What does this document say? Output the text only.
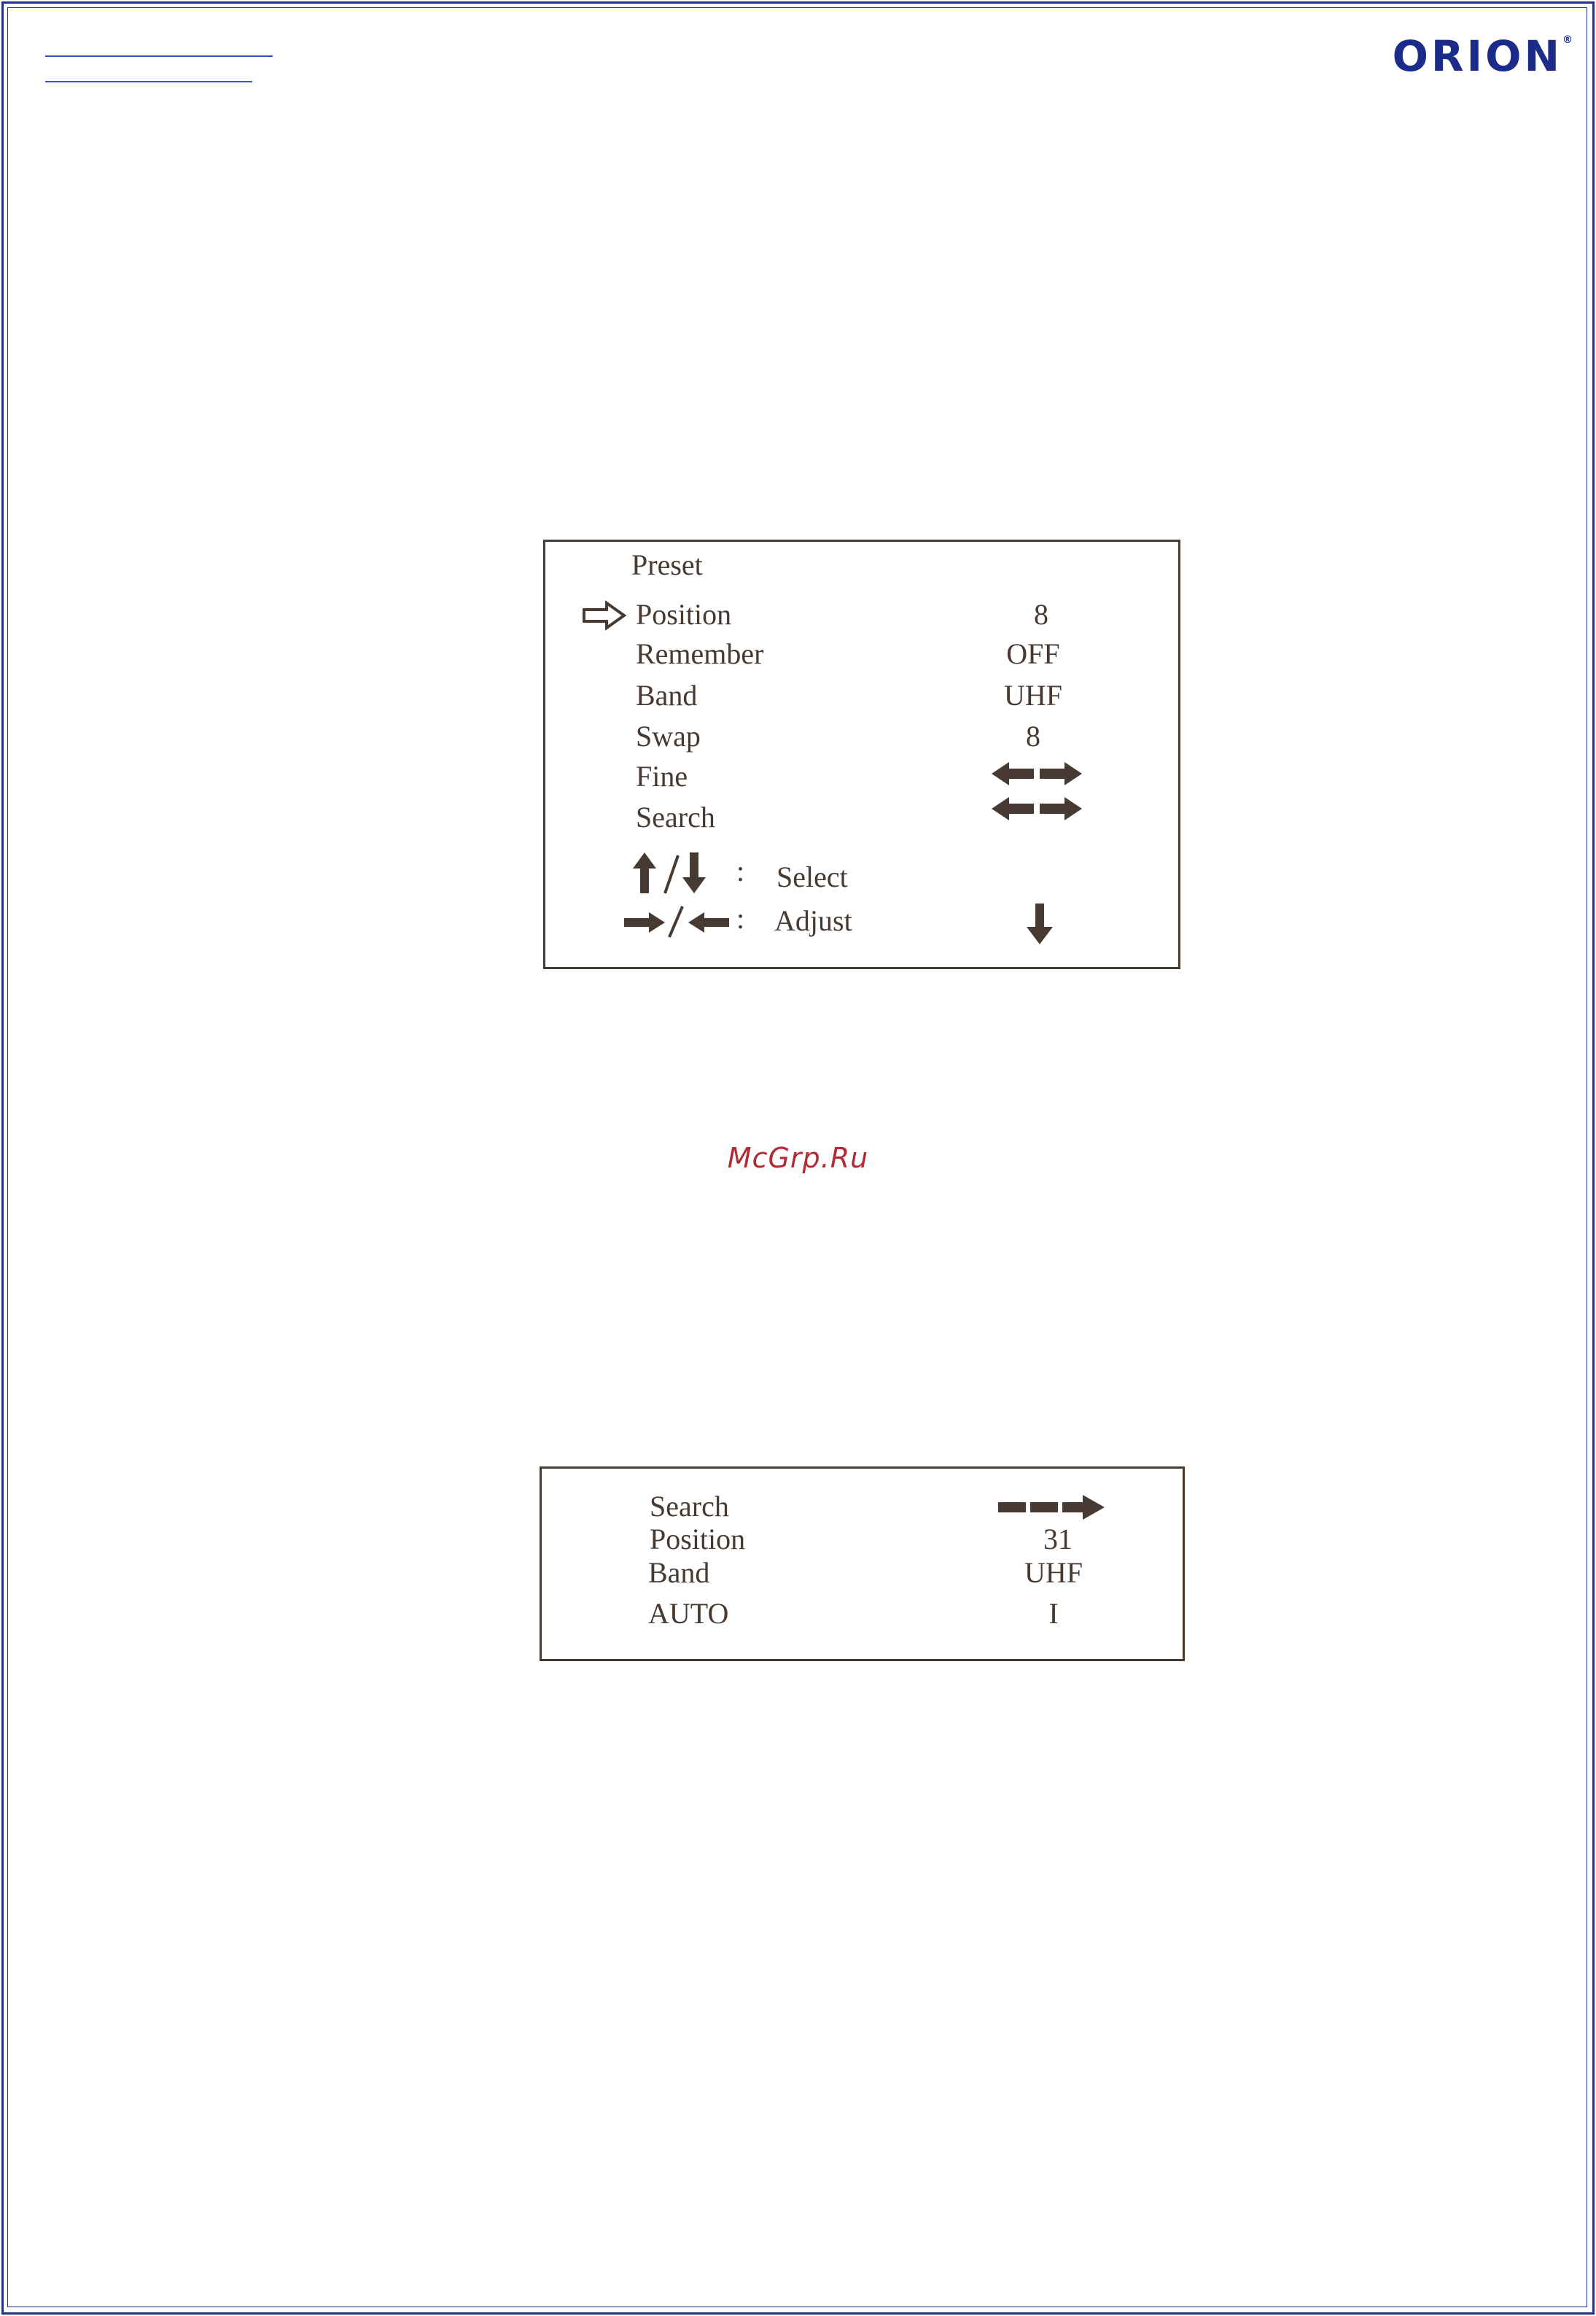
ORION®
Preset
Position	8
Remember	OFF
Band	UHF
Swap	8
Fine
Search
: Select
: Adjust
McGrp.Ru
Search
Position	31
Band	UHF
AUTO	I
